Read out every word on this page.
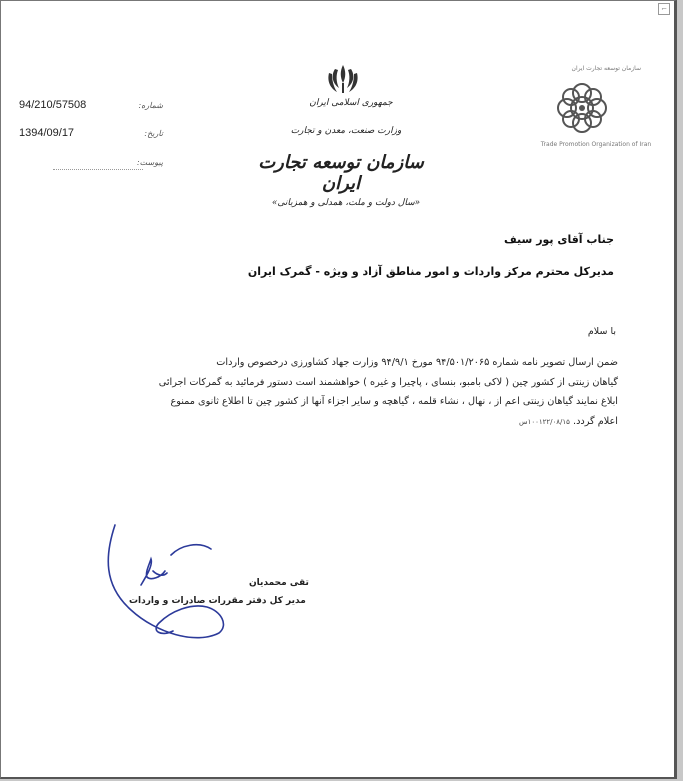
⌐
94/210/57508	شماره:
1394/09/17	تاریخ:
پیوست:
جمهوری اسلامی ایران
وزارت صنعت، معدن و تجارت
سازمان توسعه تجارت ایران
«سال دولت و ملت، همدلی و همزبانی»
سازمان توسعه تجارت ایران
Trade Promotion Organization of Iran
جناب آقای پور سیف
مدیرکل محترم مرکز واردات و امور مناطق آزاد و ویژه - گمرک ایران
با سلام
ضمن ارسال تصویر نامه شماره ۹۴/۵۰۱/۲۰۶۵ مورخ ۹۴/۹/۱ وزارت جهاد کشاورزی درخصوص واردات
گیاهان زینتی از کشور چین ( لاکی بامبو، بنسای ، پاچیرا و غیره ) خواهشمند است دستور فرمائید به گمرکات اجرائی
ابلاغ نمایند گیاهان زینتی اعم از ، نهال ، نشاء قلمه ، گیاهچه و سایر اجزاء آنها از کشور چین تا اطلاع ثانوی ممنوع
اعلام گردد. ۱۰۰۱۲۲/۰۸/۱۵س
تقی محمدیان
مدیر کل دفتر مقررات صادرات و واردات
